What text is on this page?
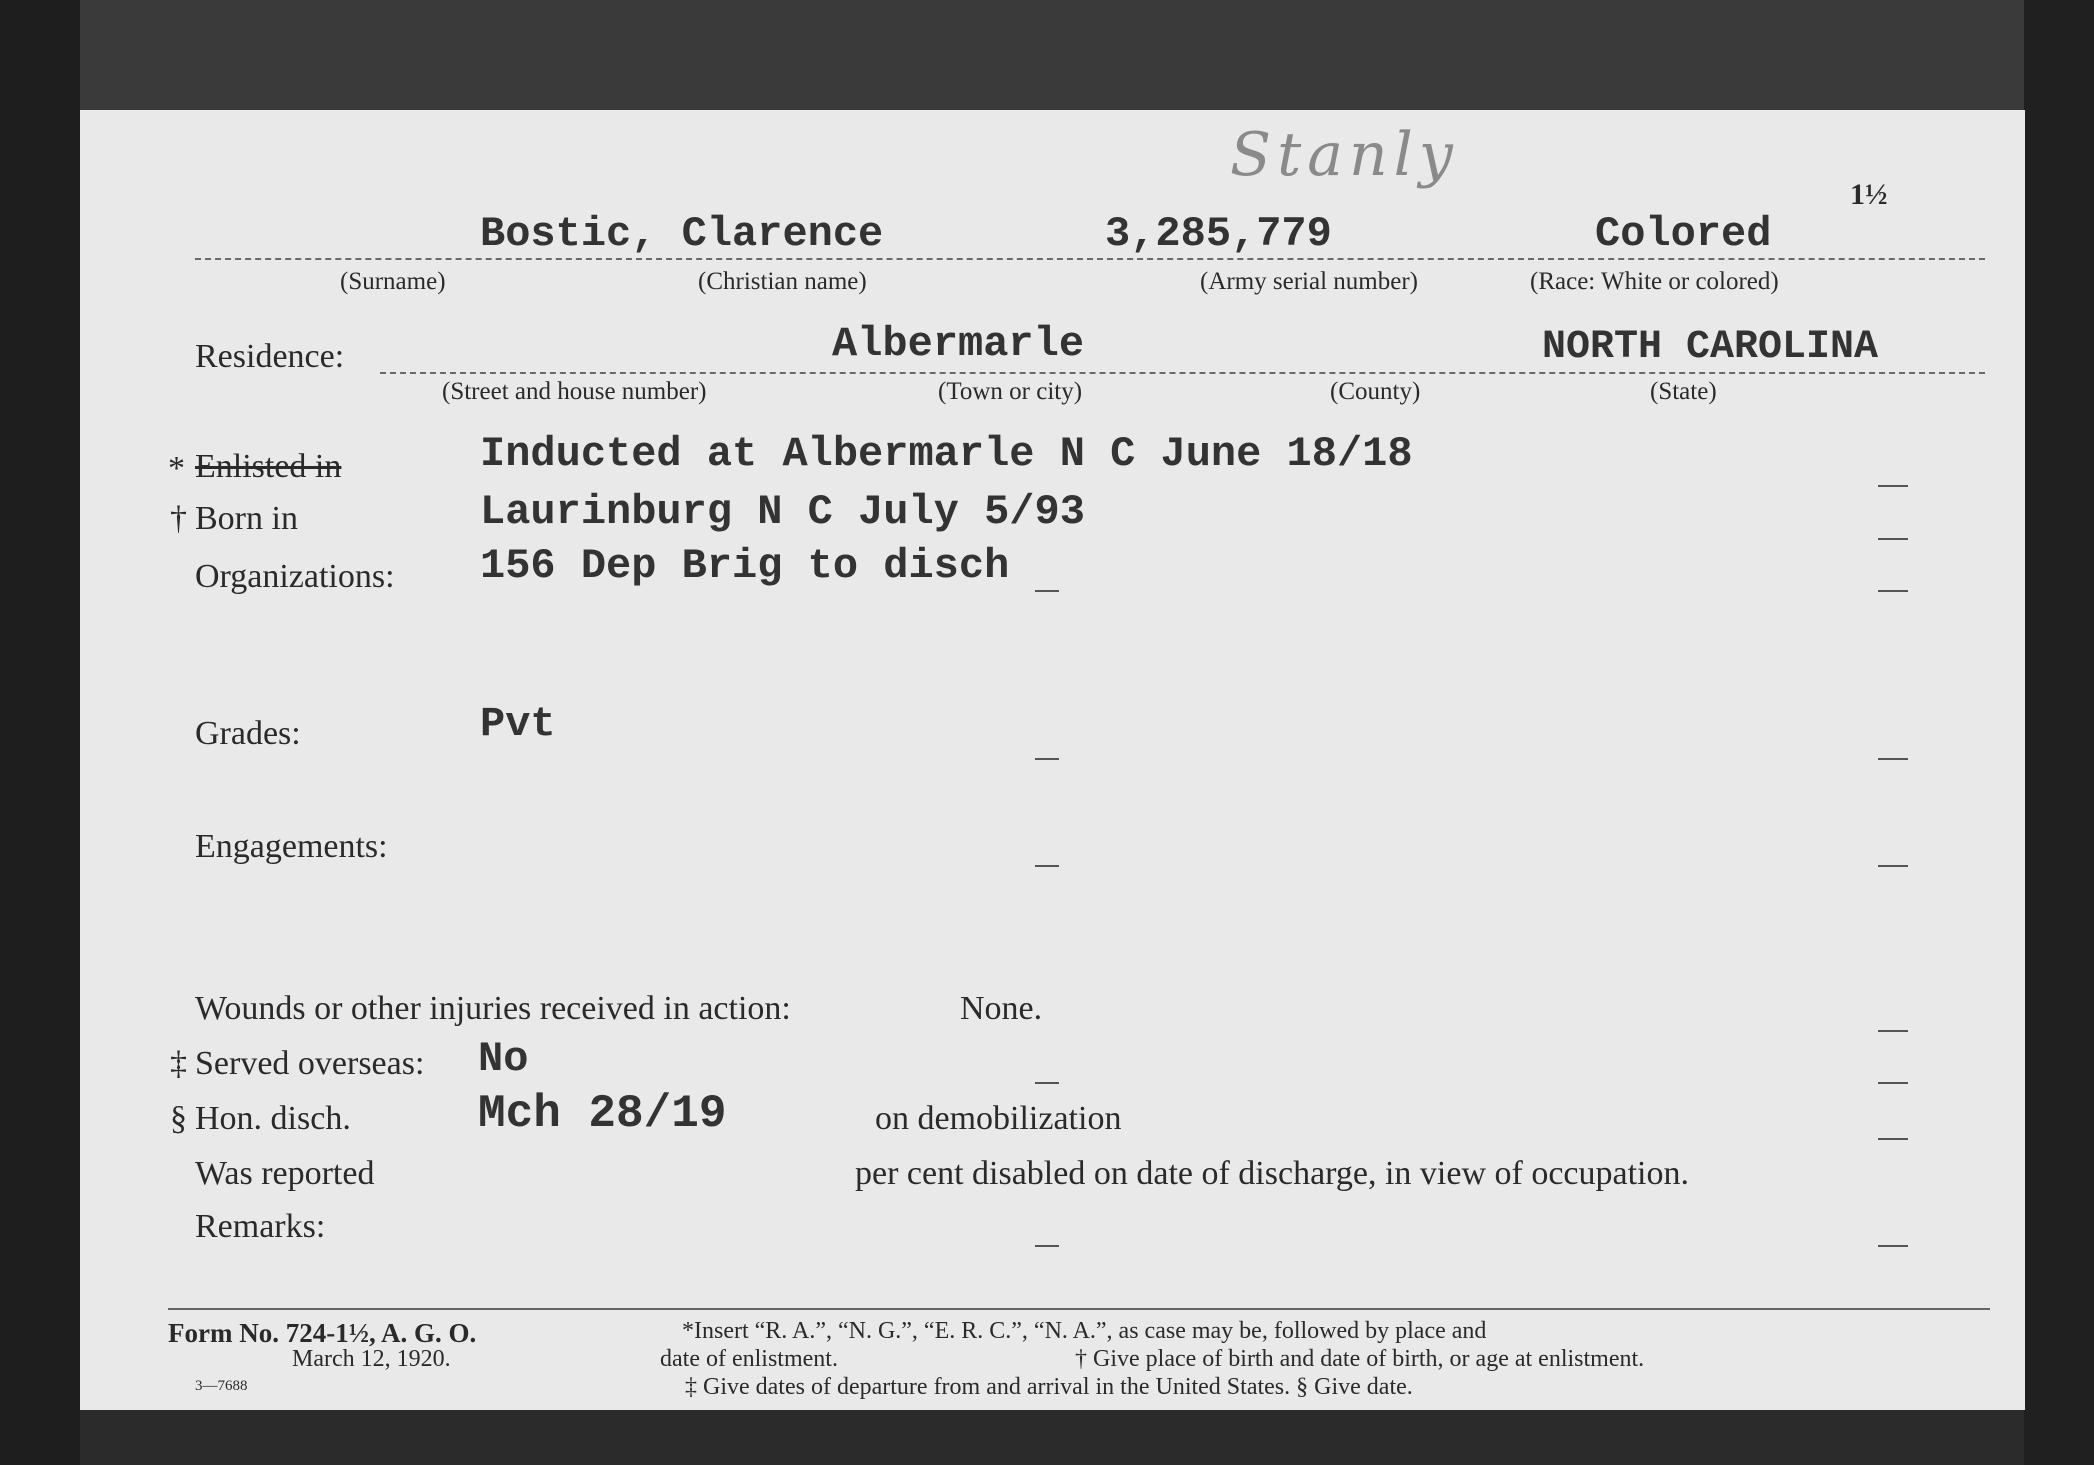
Stanly
1½
Bostic, Clarence	3,285,779	Colored
(Surname)	(Christian name)	(Army serial number)	(Race: White or colored)
Residence:	Albermarle	NORTH CAROLINA
(Street and house number)	(Town or city)	(County)	(State)
* Enlisted in	Inducted at Albermarle N C June 18/18
† Born in	Laurinburg N C July 5/93
Organizations: 156 Dep Brig to disch
Grades:	Pvt
Engagements:
Wounds or other injuries received in action:	None.
‡ Served overseas: No
§ Hon. disch.	Mch 28/19	on demobilization
Was reported	per cent disabled on date of discharge, in view of occupation.
Remarks:
Form No. 724-1½, A. G. O.
March 12, 1920.
3—7688
*Insert “R. A.”, “N. G.”, “E. R. C.”, “N. A.”, as case may be, followed by place and
date of enlistment.	† Give place of birth and date of birth, or age at enlistment.
‡ Give dates of departure from and arrival in the United States. § Give date.
